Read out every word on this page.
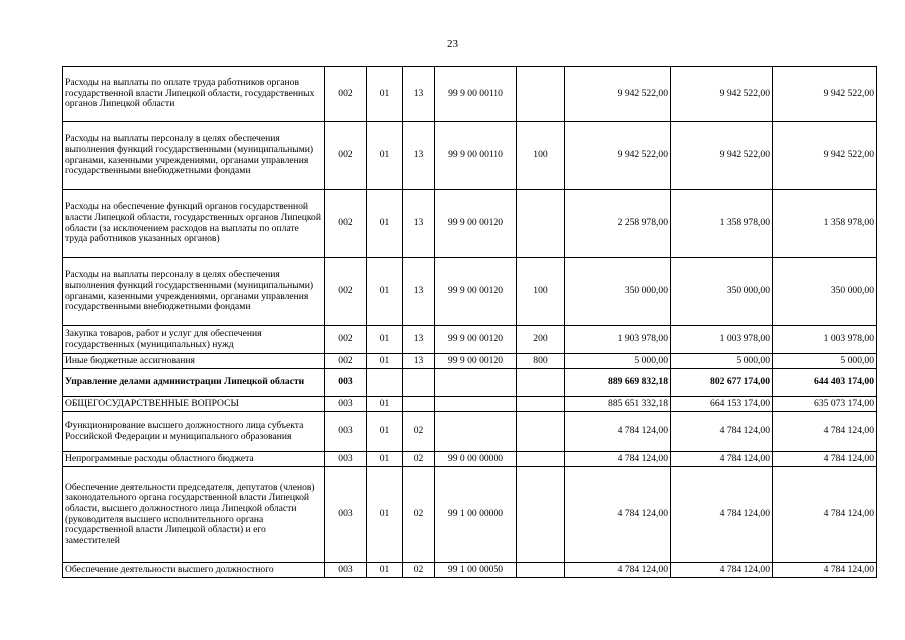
23
Расходы на выплаты по оплате труда работников органов государственной власти Липецкой области, государственных органов Липецкой области	002	01	13	99 9 00 00110		9 942 522,00	9 942 522,00	9 942 522,00
Расходы на выплаты персоналу в целях обеспечения выполнения функций государственными (муниципальными) органами, казенными учреждениями, органами управления государственными внебюджетными фондами	002	01	13	99 9 00 00110	100	9 942 522,00	9 942 522,00	9 942 522,00
Расходы на обеспечение функций органов государственной власти Липецкой области, государственных органов Липецкой области (за исключением расходов на выплаты по оплате труда работников указанных органов)	002	01	13	99 9 00 00120		2 258 978,00	1 358 978,00	1 358 978,00
Расходы на выплаты персоналу в целях обеспечения выполнения функций государственными (муниципальными) органами, казенными учреждениями, органами управления государственными внебюджетными фондами	002	01	13	99 9 00 00120	100	350 000,00	350 000,00	350 000,00
Закупка товаров, работ и услуг для обеспечения государственных (муниципальных) нужд	002	01	13	99 9 00 00120	200	1 903 978,00	1 003 978,00	1 003 978,00
Иные бюджетные ассигнования	002	01	13	99 9 00 00120	800	5 000,00	5 000,00	5 000,00
Управление делами администрации Липецкой области	003					889 669 832,18	802 677 174,00	644 403 174,00
ОБЩЕГОСУДАРСТВЕННЫЕ ВОПРОСЫ	003	01				885 651 332,18	664 153 174,00	635 073 174,00
Функционирование высшего должностного лица субъекта Российской Федерации и муниципального образования	003	01	02			4 784 124,00	4 784 124,00	4 784 124,00
Непрограммные расходы областного бюджета	003	01	02	99 0 00 00000		4 784 124,00	4 784 124,00	4 784 124,00
Обеспечение деятельности председателя, депутатов (членов) законодательного органа государственной власти Липецкой области, высшего должностного лица Липецкой области (руководителя высшего исполнительного органа государственной власти Липецкой области) и его заместителей	003	01	02	99 1 00 00000		4 784 124,00	4 784 124,00	4 784 124,00
Обеспечение деятельности высшего должностного	003	01	02	99 1 00 00050		4 784 124,00	4 784 124,00	4 784 124,00
